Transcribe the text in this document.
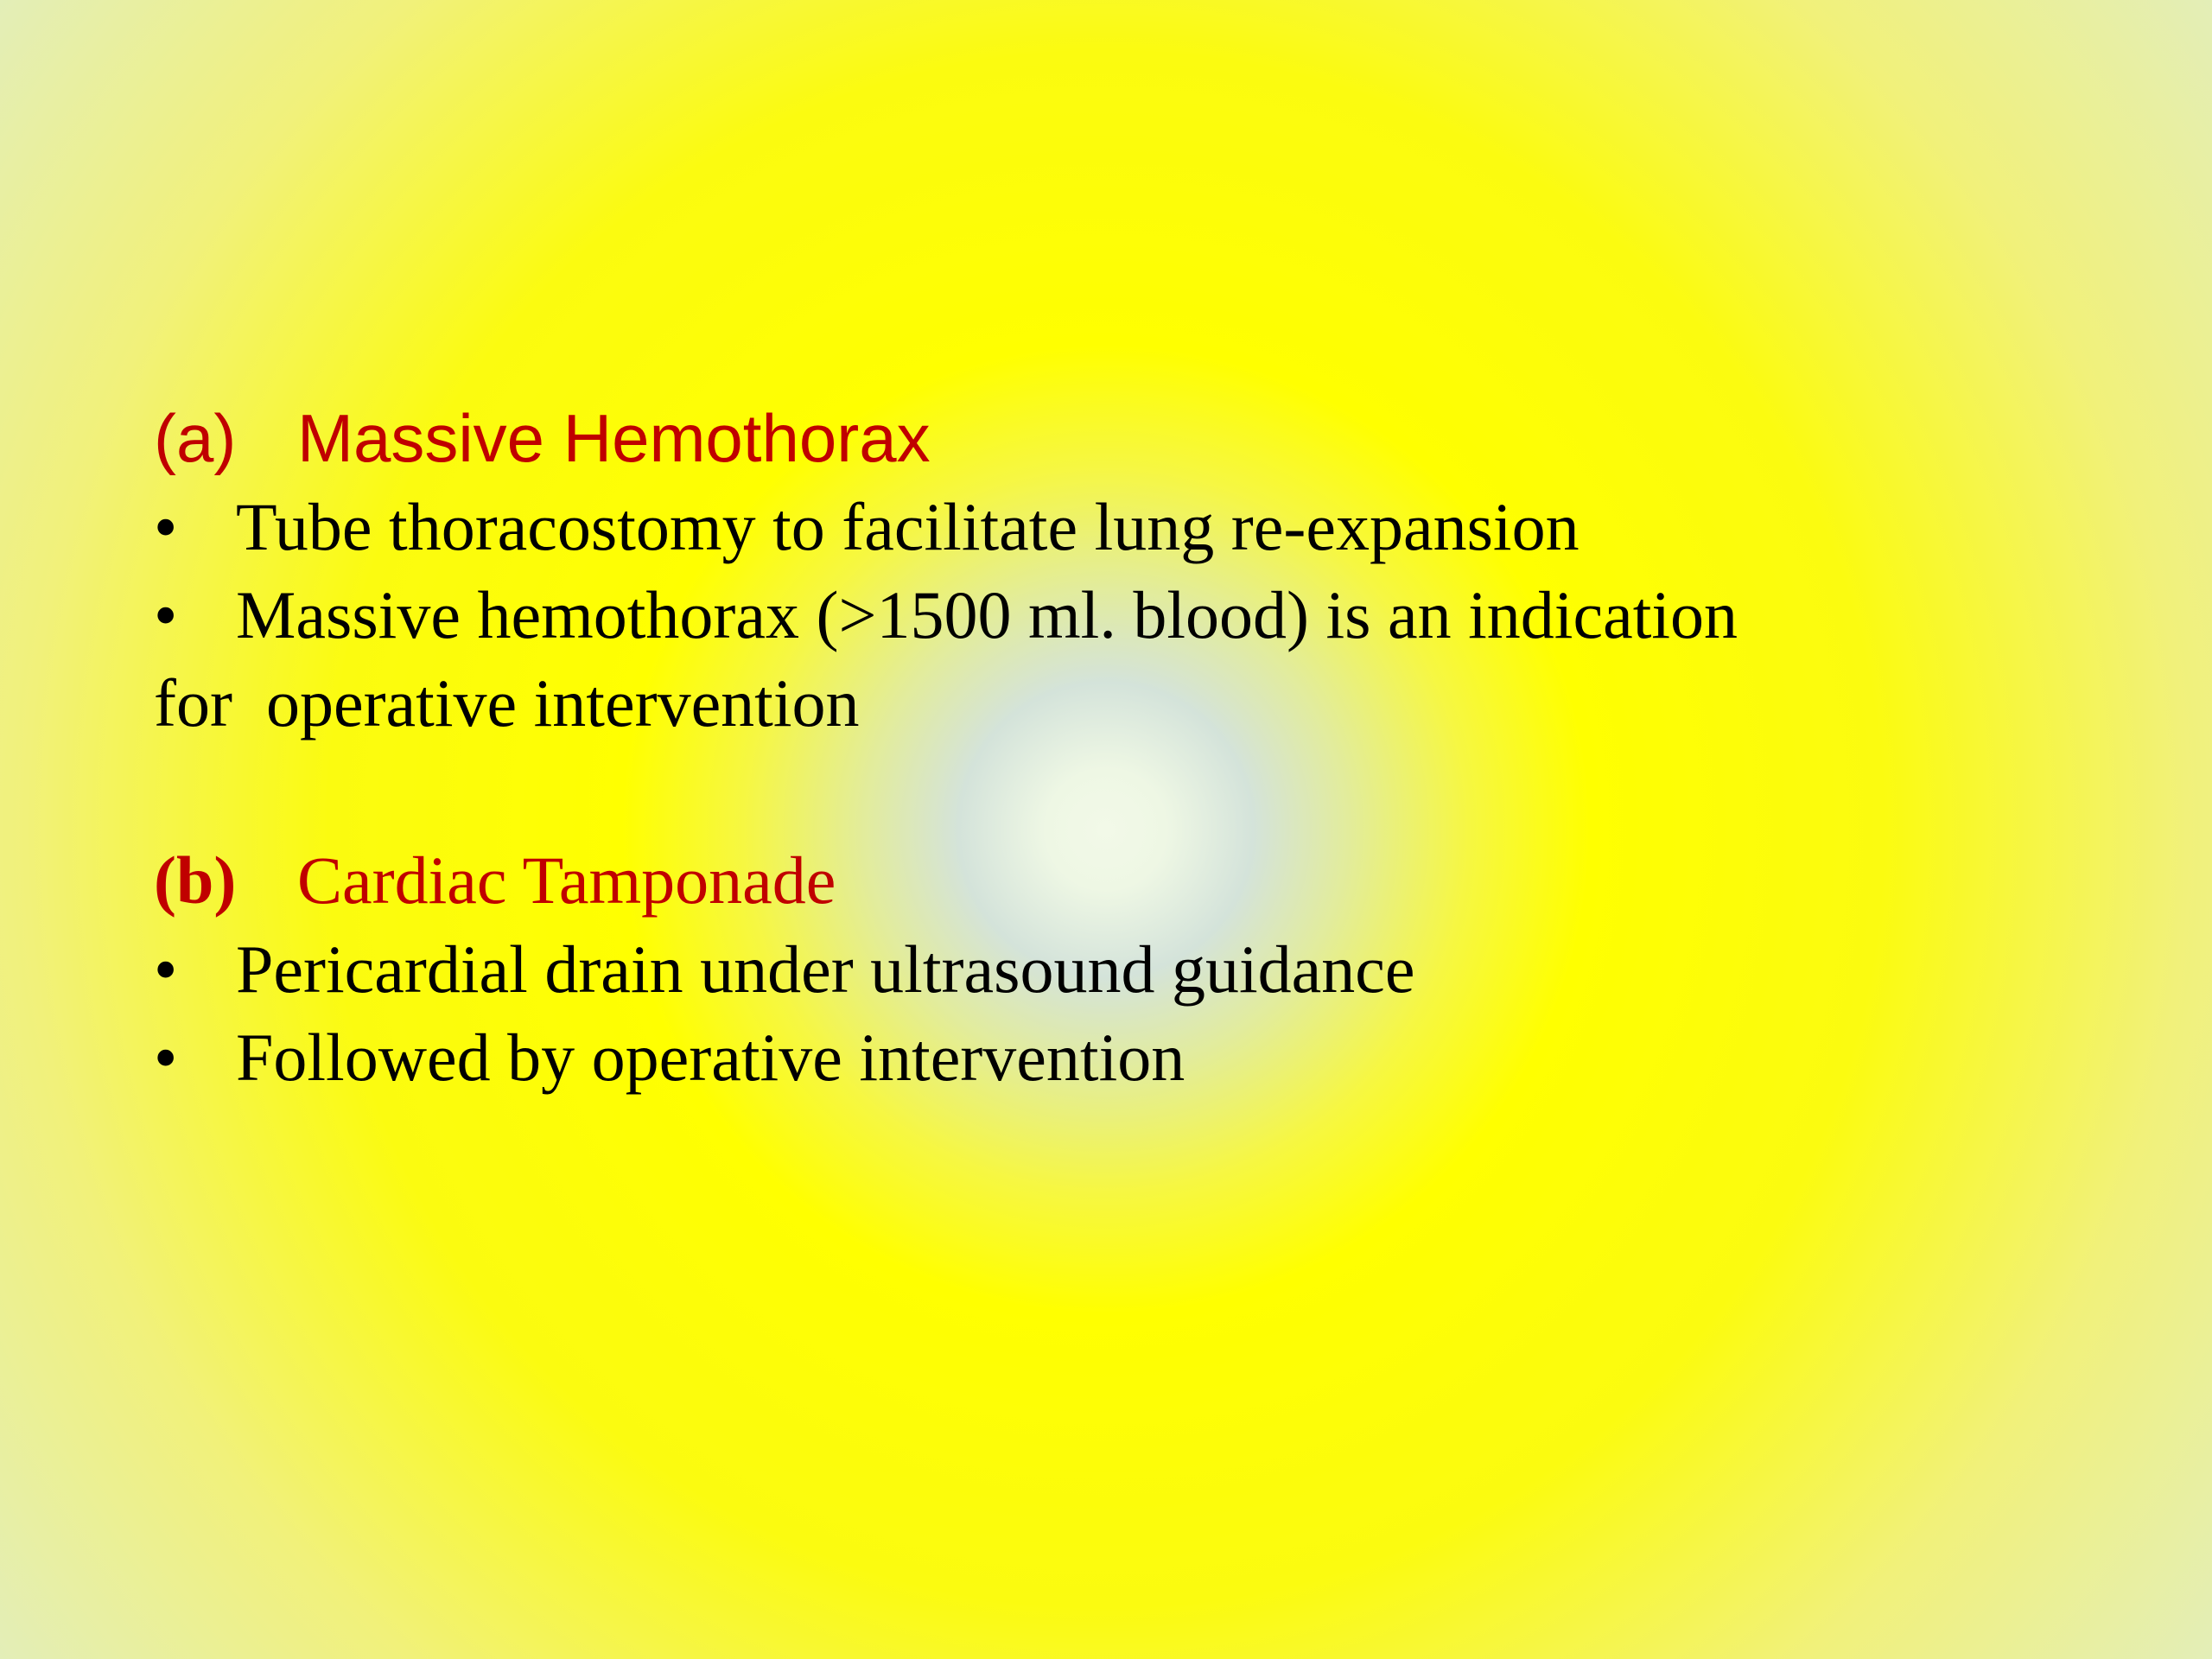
(a) Massive Hemothorax
• Tube thoracostomy to facilitate lung re-expansion
• Massive hemothorax (>1500 ml. blood) is an indication
for  operative intervention
(b) Cardiac Tamponade
• Pericardial drain under ultrasound guidance
• Followed by operative intervention
